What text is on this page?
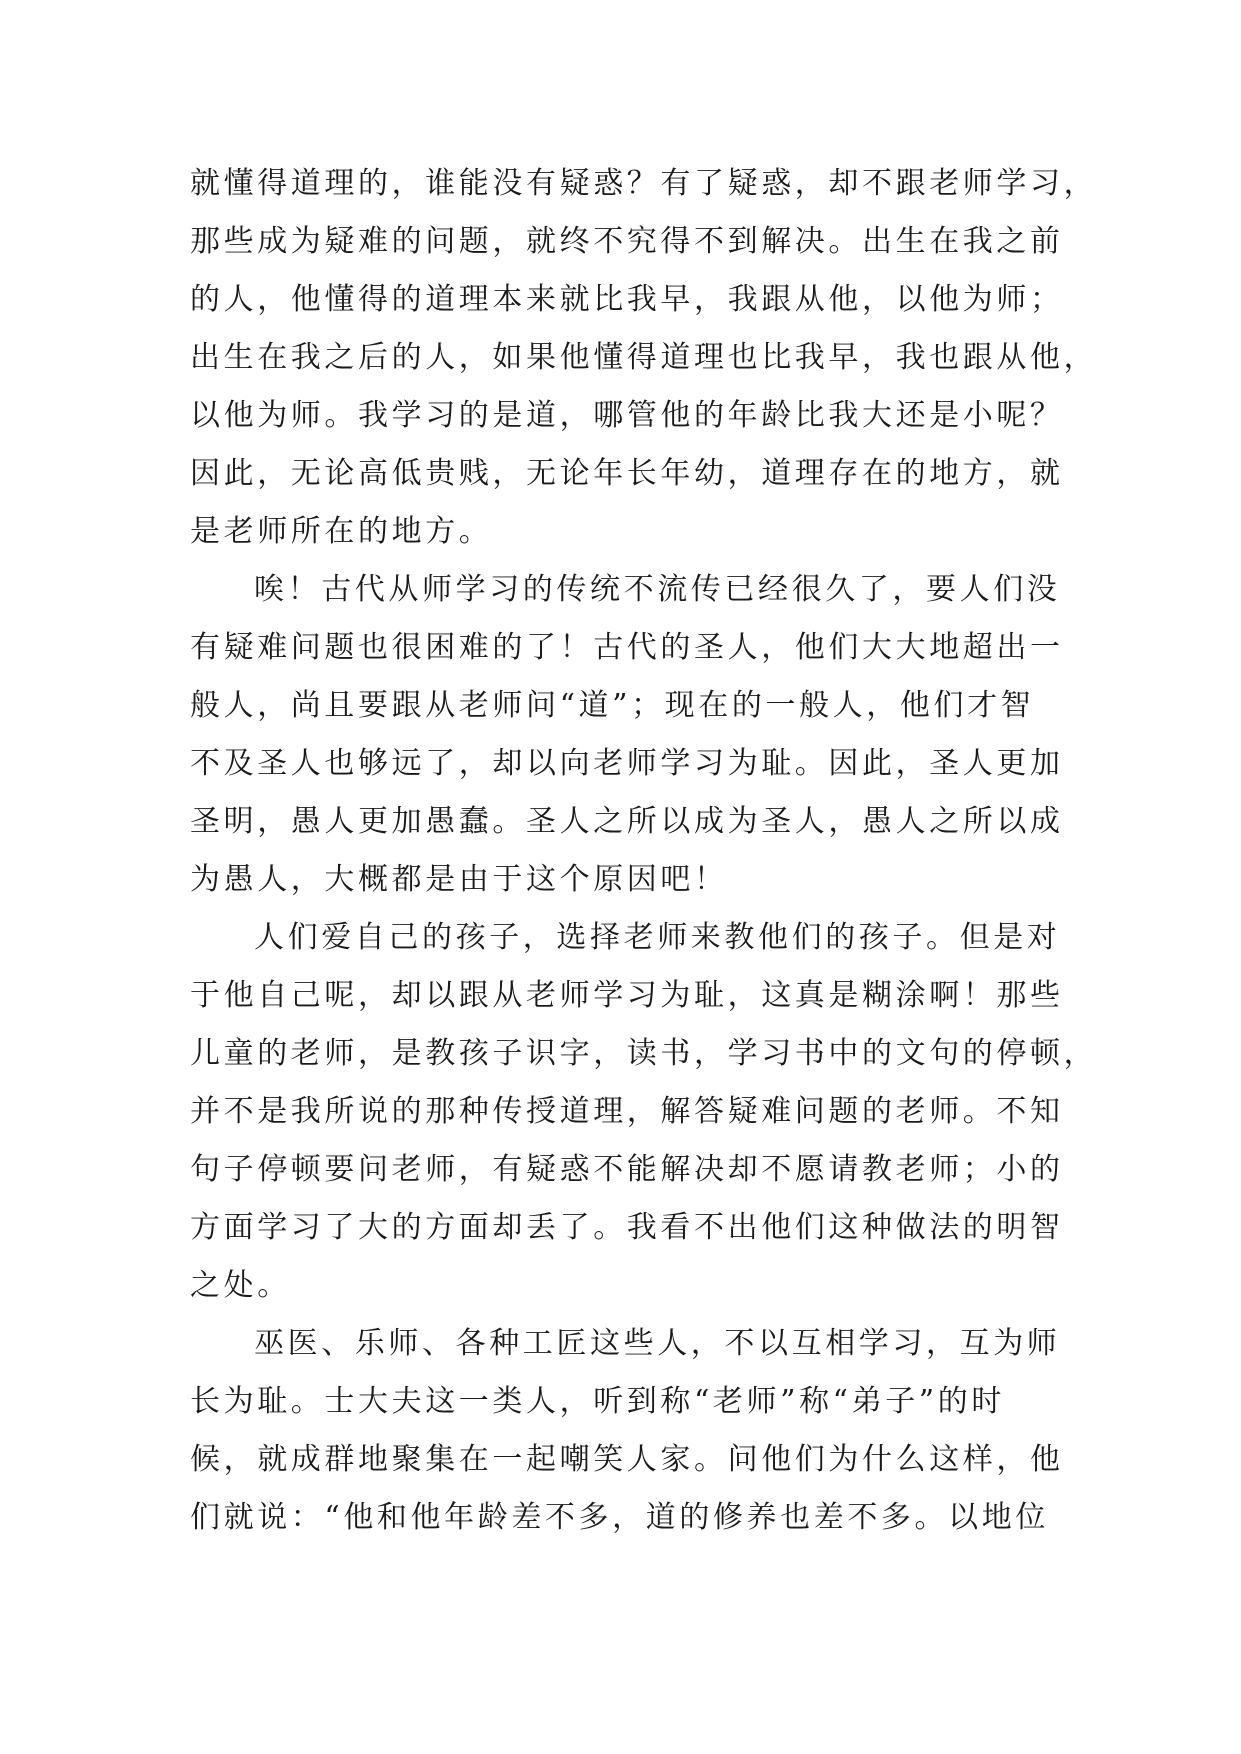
就懂得道理的，谁能没有疑惑？有了疑惑，却不跟老师学习，
那些成为疑难的问题，就终不究得不到解决。出生在我之前
的人，他懂得的道理本来就比我早，我跟从他，以他为师；
出生在我之后的人，如果他懂得道理也比我早，我也跟从他，
以他为师。我学习的是道，哪管他的年龄比我大还是小呢？
因此，无论高低贵贱，无论年长年幼，道理存在的地方，就
是老师所在的地方。
唉！古代从师学习的传统不流传已经很久了，要人们没
有疑难问题也很困难的了！古代的圣人，他们大大地超出一
般人，尚且要跟从老师问“道”；现在的一般人，他们才智
不及圣人也够远了，却以向老师学习为耻。因此，圣人更加
圣明，愚人更加愚蠢。圣人之所以成为圣人，愚人之所以成
为愚人，大概都是由于这个原因吧！
人们爱自己的孩子，选择老师来教他们的孩子。但是对
于他自己呢，却以跟从老师学习为耻，这真是糊涂啊！那些
儿童的老师，是教孩子识字，读书，学习书中的文句的停顿，
并不是我所说的那种传授道理，解答疑难问题的老师。不知
句子停顿要问老师，有疑惑不能解决却不愿请教老师；小的
方面学习了大的方面却丢了。我看不出他们这种做法的明智
之处。
巫医、乐师、各种工匠这些人，不以互相学习，互为师
长为耻。士大夫这一类人，听到称“老师”称“弟子”的时
候，就成群地聚集在一起嘲笑人家。问他们为什么这样，他
们就说：“他和他年龄差不多，道的修养也差不多。以地位
